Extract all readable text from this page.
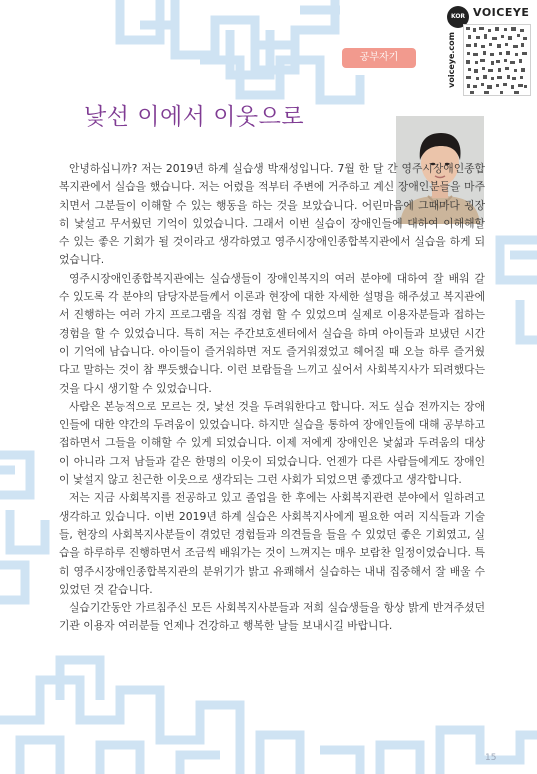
KOR VOICEYE
voiceye.com
공부자기
낯선 이에서 이웃으로

안녕하십니까? 저는 2019년 하계 실습생 박재성입니다. 7월 한 달 간 영주시장애인종합복지관에서 실습을 했습니다. 저는 어렸을 적부터 주변에 거주하고 계신 장애인분들을 마주치면서 그분들이 이해할 수 있는 행동을 하는 것을 보았습니다. 어린마음에 그때마다 굉장히 낯설고 무서웠던 기억이 있었습니다. 그래서 이번 실습이 장애인들에 대하여 이해해할 수 있는 좋은 기회가 될 것이라고 생각하였고 영주시장애인종합복지관에서 실습을 하게 되었습니다.

영주시장애인종합복지관에는 실습생들이 장애인복지의 여러 분야에 대하여 잘 배워 갈 수 있도록 각 분야의 담당자분들께서 이론과 현장에 대한 자세한 설명을 해주셨고 복지관에서 진행하는 여러 가지 프로그램을 직접 경험 할 수 있었으며 실제로 이용자분들과 접하는 경험을 할 수 있었습니다. 특히 저는 주간보호센터에서 실습을 하며 아이들과 보냈던 시간이 기억에 남습니다. 아이들이 즐거워하면 저도 즐거워졌었고 헤어질 때 오늘 하루 즐거웠다고 말하는 것이 참 뿌듯했습니다. 이런 보람들을 느끼고 싶어서 사회복지사가 되려했다는 것을 다시 생기할 수 있었습니다.

사람은 본능적으로 모르는 것, 낯선 것을 두려워한다고 합니다. 저도 실습 전까지는 장애인들에 대한 약간의 두려움이 있었습니다. 하지만 실습을 통하여 장애인들에 대해 공부하고 접하면서 그들을 이해할 수 있게 되었습니다. 이제 저에게 장애인은 낯섦과 두려움의 대상이 아니라 그저 남들과 같은 한명의 이웃이 되었습니다. 언젠가 다른 사람들에게도 장애인이 낯설지 않고 친근한 이웃으로 생각되는 그런 사회가 되었으면 좋겠다고 생각합니다.

저는 지금 사회복지를 전공하고 있고 졸업을 한 후에는 사회복지관련 분야에서 일하려고 생각하고 있습니다. 이번 2019년 하계 실습은 사회복지사에게 필요한 여러 지식들과 기술들, 현장의 사회복지사분들이 겪었던 경험들과 의견들을 들을 수 있었던 좋은 기회였고, 실습을 하루하루 진행하면서 조금씩 배워가는 것이 느껴지는 매우 보람찬 일정이었습니다. 특히 영주시장애인종합복지관의 분위기가 밝고 유쾌해서 실습하는 내내 집중해서 잘 배울 수 있었던 것 같습니다.

실습기간동안 가르침주신 모든 사회복지사분들과 저희 실습생들을 항상 밝게 반겨주셨던 기관 이용자 여러분들 언제나 건강하고 행복한 날들 보내시길 바랍니다.

15
